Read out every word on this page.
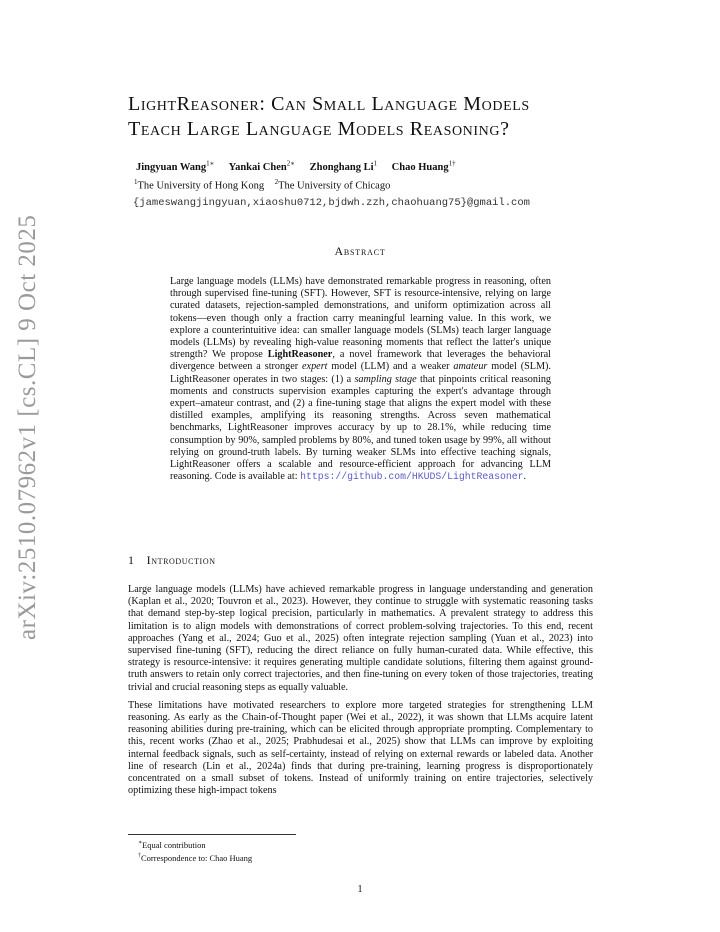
arXiv:2510.07962v1 [cs.CL] 9 Oct 2025
LightReasoner: Can Small Language Models
Teach Large Language Models Reasoning?
Jingyuan Wang$^{1∗}$ Yankai Chen$^{2∗}$ Zhonghang Li$^1$ Chao Huang$^{1\dagger}$
$^1$The University of Hong Kong $^2$The University of Chicago
{jameswangjingyuan,xiaoshu0712,bjdwh.zzh,chaohuang75}@gmail.com
Abstract
Large language models (LLMs) have demonstrated remarkable progress in reasoning, often through supervised fine-tuning (SFT). However, SFT is resource-intensive, relying on large curated datasets, rejection-sampled demonstrations, and uniform optimization across all tokens—even though only a fraction carry meaningful learning value. In this work, we explore a counterintuitive idea: can smaller language models (SLMs) teach larger language models (LLMs) by revealing high-value reasoning moments that reflect the latter's unique strength? We propose LightReasoner, a novel framework that leverages the behavioral divergence between a stronger expert model (LLM) and a weaker amateur model (SLM). LightReasoner operates in two stages: (1) a sampling stage that pinpoints critical reasoning moments and constructs supervision examples capturing the expert's advantage through expert–amateur contrast, and (2) a fine-tuning stage that aligns the expert model with these distilled examples, amplifying its reasoning strengths. Across seven mathematical benchmarks, LightReasoner improves accuracy by up to 28.1%, while reducing time consumption by 90%, sampled problems by 80%, and tuned token usage by 99%, all without relying on ground-truth labels. By turning weaker SLMs into effective teaching signals, LightReasoner offers a scalable and resource-efficient approach for advancing LLM reasoning. Code is available at: https://github.com/HKUDS/LightReasoner.
1 Introduction

Large language models (LLMs) have achieved remarkable progress in language understanding and generation (Kaplan et al., 2020; Touvron et al., 2023). However, they continue to struggle with systematic reasoning tasks that demand step-by-step logical precision, particularly in mathematics. A prevalent strategy to address this limitation is to align models with demonstrations of correct problem-solving trajectories. To this end, recent approaches (Yang et al., 2024; Guo et al., 2025) often integrate rejection sampling (Yuan et al., 2023) into supervised fine-tuning (SFT), reducing the direct reliance on fully human-curated data. While effective, this strategy is resource-intensive: it requires generating multiple candidate solutions, filtering them against ground-truth answers to retain only correct trajectories, and then fine-tuning on every token of those trajectories, treating trivial and crucial reasoning steps as equally valuable.

These limitations have motivated researchers to explore more targeted strategies for strengthening LLM reasoning. As early as the Chain-of-Thought paper (Wei et al., 2022), it was shown that LLMs acquire latent reasoning abilities during pre-training, which can be elicited through appropriate prompting. Complementary to this, recent works (Zhao et al., 2025; Prabhudesai et al., 2025) show that LLMs can improve by exploiting internal feedback signals, such as self-certainty, instead of relying on external rewards or labeled data. Another line of research (Lin et al., 2024a) finds that during pre-training, learning progress is disproportionately concentrated on a small subset of tokens. Instead of uniformly training on entire trajectories, selectively optimizing these high-impact tokens

∗Equal contribution
†Correspondence to: Chao Huang
1
